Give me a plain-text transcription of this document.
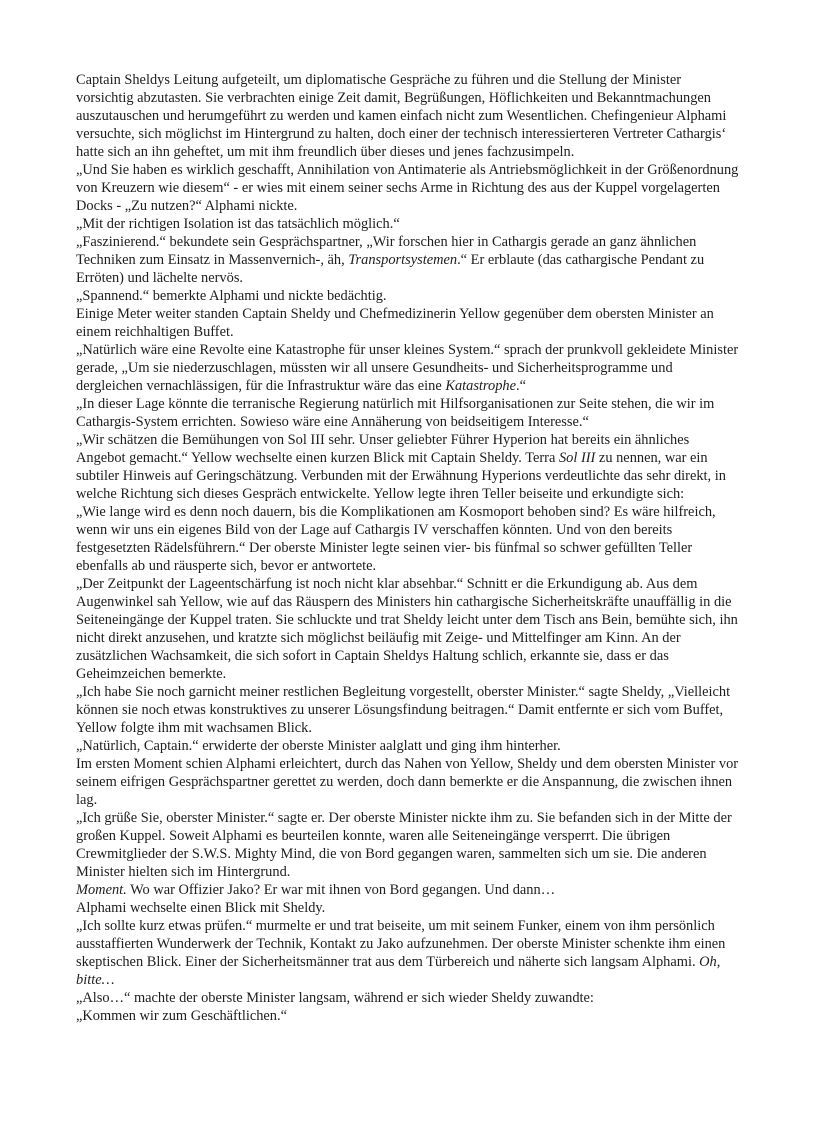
Captain Sheldys Leitung aufgeteilt, um diplomatische Gespräche zu führen und die Stellung der Minister vorsichtig abzutasten. Sie verbrachten einige Zeit damit, Begrüßungen, Höflichkeiten und Bekanntmachungen auszutauschen und herumgeführt zu werden und kamen einfach nicht zum Wesentlichen. Chefingenieur Alphami versuchte, sich möglichst im Hintergrund zu halten, doch einer der technisch interessierteren Vertreter Cathargis‘ hatte sich an ihn geheftet, um mit ihm freundlich über dieses und jenes fachzusimpeln.

„Und Sie haben es wirklich geschafft, Annihilation von Antimaterie als Antriebsmöglichkeit in der Größenordnung von Kreuzern wie diesem“ - er wies mit einem seiner sechs Arme in Richtung des aus der Kuppel vorgelagerten Docks - „Zu nutzen?“ Alphami nickte.

„Mit der richtigen Isolation ist das tatsächlich möglich.“

„Faszinierend.“ bekundete sein Gesprächspartner, „Wir forschen hier in Cathargis gerade an ganz ähnlichen Techniken zum Einsatz in Massenvernich-, äh, Transportsystemen.“ Er erblaute (das cathargische Pendant zu Erröten) und lächelte nervös.

„Spannend.“ bemerkte Alphami und nickte bedächtig.

Einige Meter weiter standen Captain Sheldy und Chefmedizinerin Yellow gegenüber dem obersten Minister an einem reichhaltigen Buffet.

„Natürlich wäre eine Revolte eine Katastrophe für unser kleines System.“ sprach der prunkvoll gekleidete Minister gerade, „Um sie niederzuschlagen, müssten wir all unsere Gesundheits- und Sicherheitsprogramme und dergleichen vernachlässigen, für die Infrastruktur wäre das eine Katastrophe.“

„In dieser Lage könnte die terranische Regierung natürlich mit Hilfsorganisationen zur Seite stehen, die wir im Cathargis-System errichten. Sowieso wäre eine Annäherung von beidseitigem Interesse.“

„Wir schätzen die Bemühungen von Sol III sehr. Unser geliebter Führer Hyperion hat bereits ein ähnliches Angebot gemacht.“ Yellow wechselte einen kurzen Blick mit Captain Sheldy. Terra Sol III zu nennen, war ein subtiler Hinweis auf Geringschätzung. Verbunden mit der Erwähnung Hyperions verdeutlichte das sehr direkt, in welche Richtung sich dieses Gespräch entwickelte. Yellow legte ihren Teller beiseite und erkundigte sich:

„Wie lange wird es denn noch dauern, bis die Komplikationen am Kosmoport behoben sind? Es wäre hilfreich, wenn wir uns ein eigenes Bild von der Lage auf Cathargis IV verschaffen könnten. Und von den bereits festgesetzten Rädelsführern.“ Der oberste Minister legte seinen vier- bis fünfmal so schwer gefüllten Teller ebenfalls ab und räusperte sich, bevor er antwortete.

„Der Zeitpunkt der Lageentschärfung ist noch nicht klar absehbar.“ Schnitt er die Erkundigung ab. Aus dem Augenwinkel sah Yellow, wie auf das Räuspern des Ministers hin cathargische Sicherheitskräfte unauffällig in die Seiteneingänge der Kuppel traten. Sie schluckte und trat Sheldy leicht unter dem Tisch ans Bein, bemühte sich, ihn nicht direkt anzusehen, und kratzte sich möglichst beiläufig mit Zeige- und Mittelfinger am Kinn. An der zusätzlichen Wachsamkeit, die sich sofort in Captain Sheldys Haltung schlich, erkannte sie, dass er das Geheimzeichen bemerkte.

„Ich habe Sie noch garnicht meiner restlichen Begleitung vorgestellt, oberster Minister.“ sagte Sheldy, „Vielleicht können sie noch etwas konstruktives zu unserer Lösungsfindung beitragen.“ Damit entfernte er sich vom Buffet, Yellow folgte ihm mit wachsamen Blick.

„Natürlich, Captain.“ erwiderte der oberste Minister aalglatt und ging ihm hinterher.

Im ersten Moment schien Alphami erleichtert, durch das Nahen von Yellow, Sheldy und dem obersten Minister vor seinem eifrigen Gesprächspartner gerettet zu werden, doch dann bemerkte er die Anspannung, die zwischen ihnen lag.

„Ich grüße Sie, oberster Minister.“ sagte er. Der oberste Minister nickte ihm zu. Sie befanden sich in der Mitte der großen Kuppel. Soweit Alphami es beurteilen konnte, waren alle Seiteneingänge versperrt. Die übrigen Crewmitglieder der S.W.S. Mighty Mind, die von Bord gegangen waren, sammelten sich um sie. Die anderen Minister hielten sich im Hintergrund.

Moment. Wo war Offizier Jako? Er war mit ihnen von Bord gegangen. Und dann…

Alphami wechselte einen Blick mit Sheldy.

„Ich sollte kurz etwas prüfen.“ murmelte er und trat beiseite, um mit seinem Funker, einem von ihm persönlich ausstaffierten Wunderwerk der Technik, Kontakt zu Jako aufzunehmen. Der oberste Minister schenkte ihm einen skeptischen Blick. Einer der Sicherheitsmänner trat aus dem Türbereich und näherte sich langsam Alphami. Oh, bitte…

„Also…“ machte der oberste Minister langsam, während er sich wieder Sheldy zuwandte:

„Kommen wir zum Geschäftlichen.“
